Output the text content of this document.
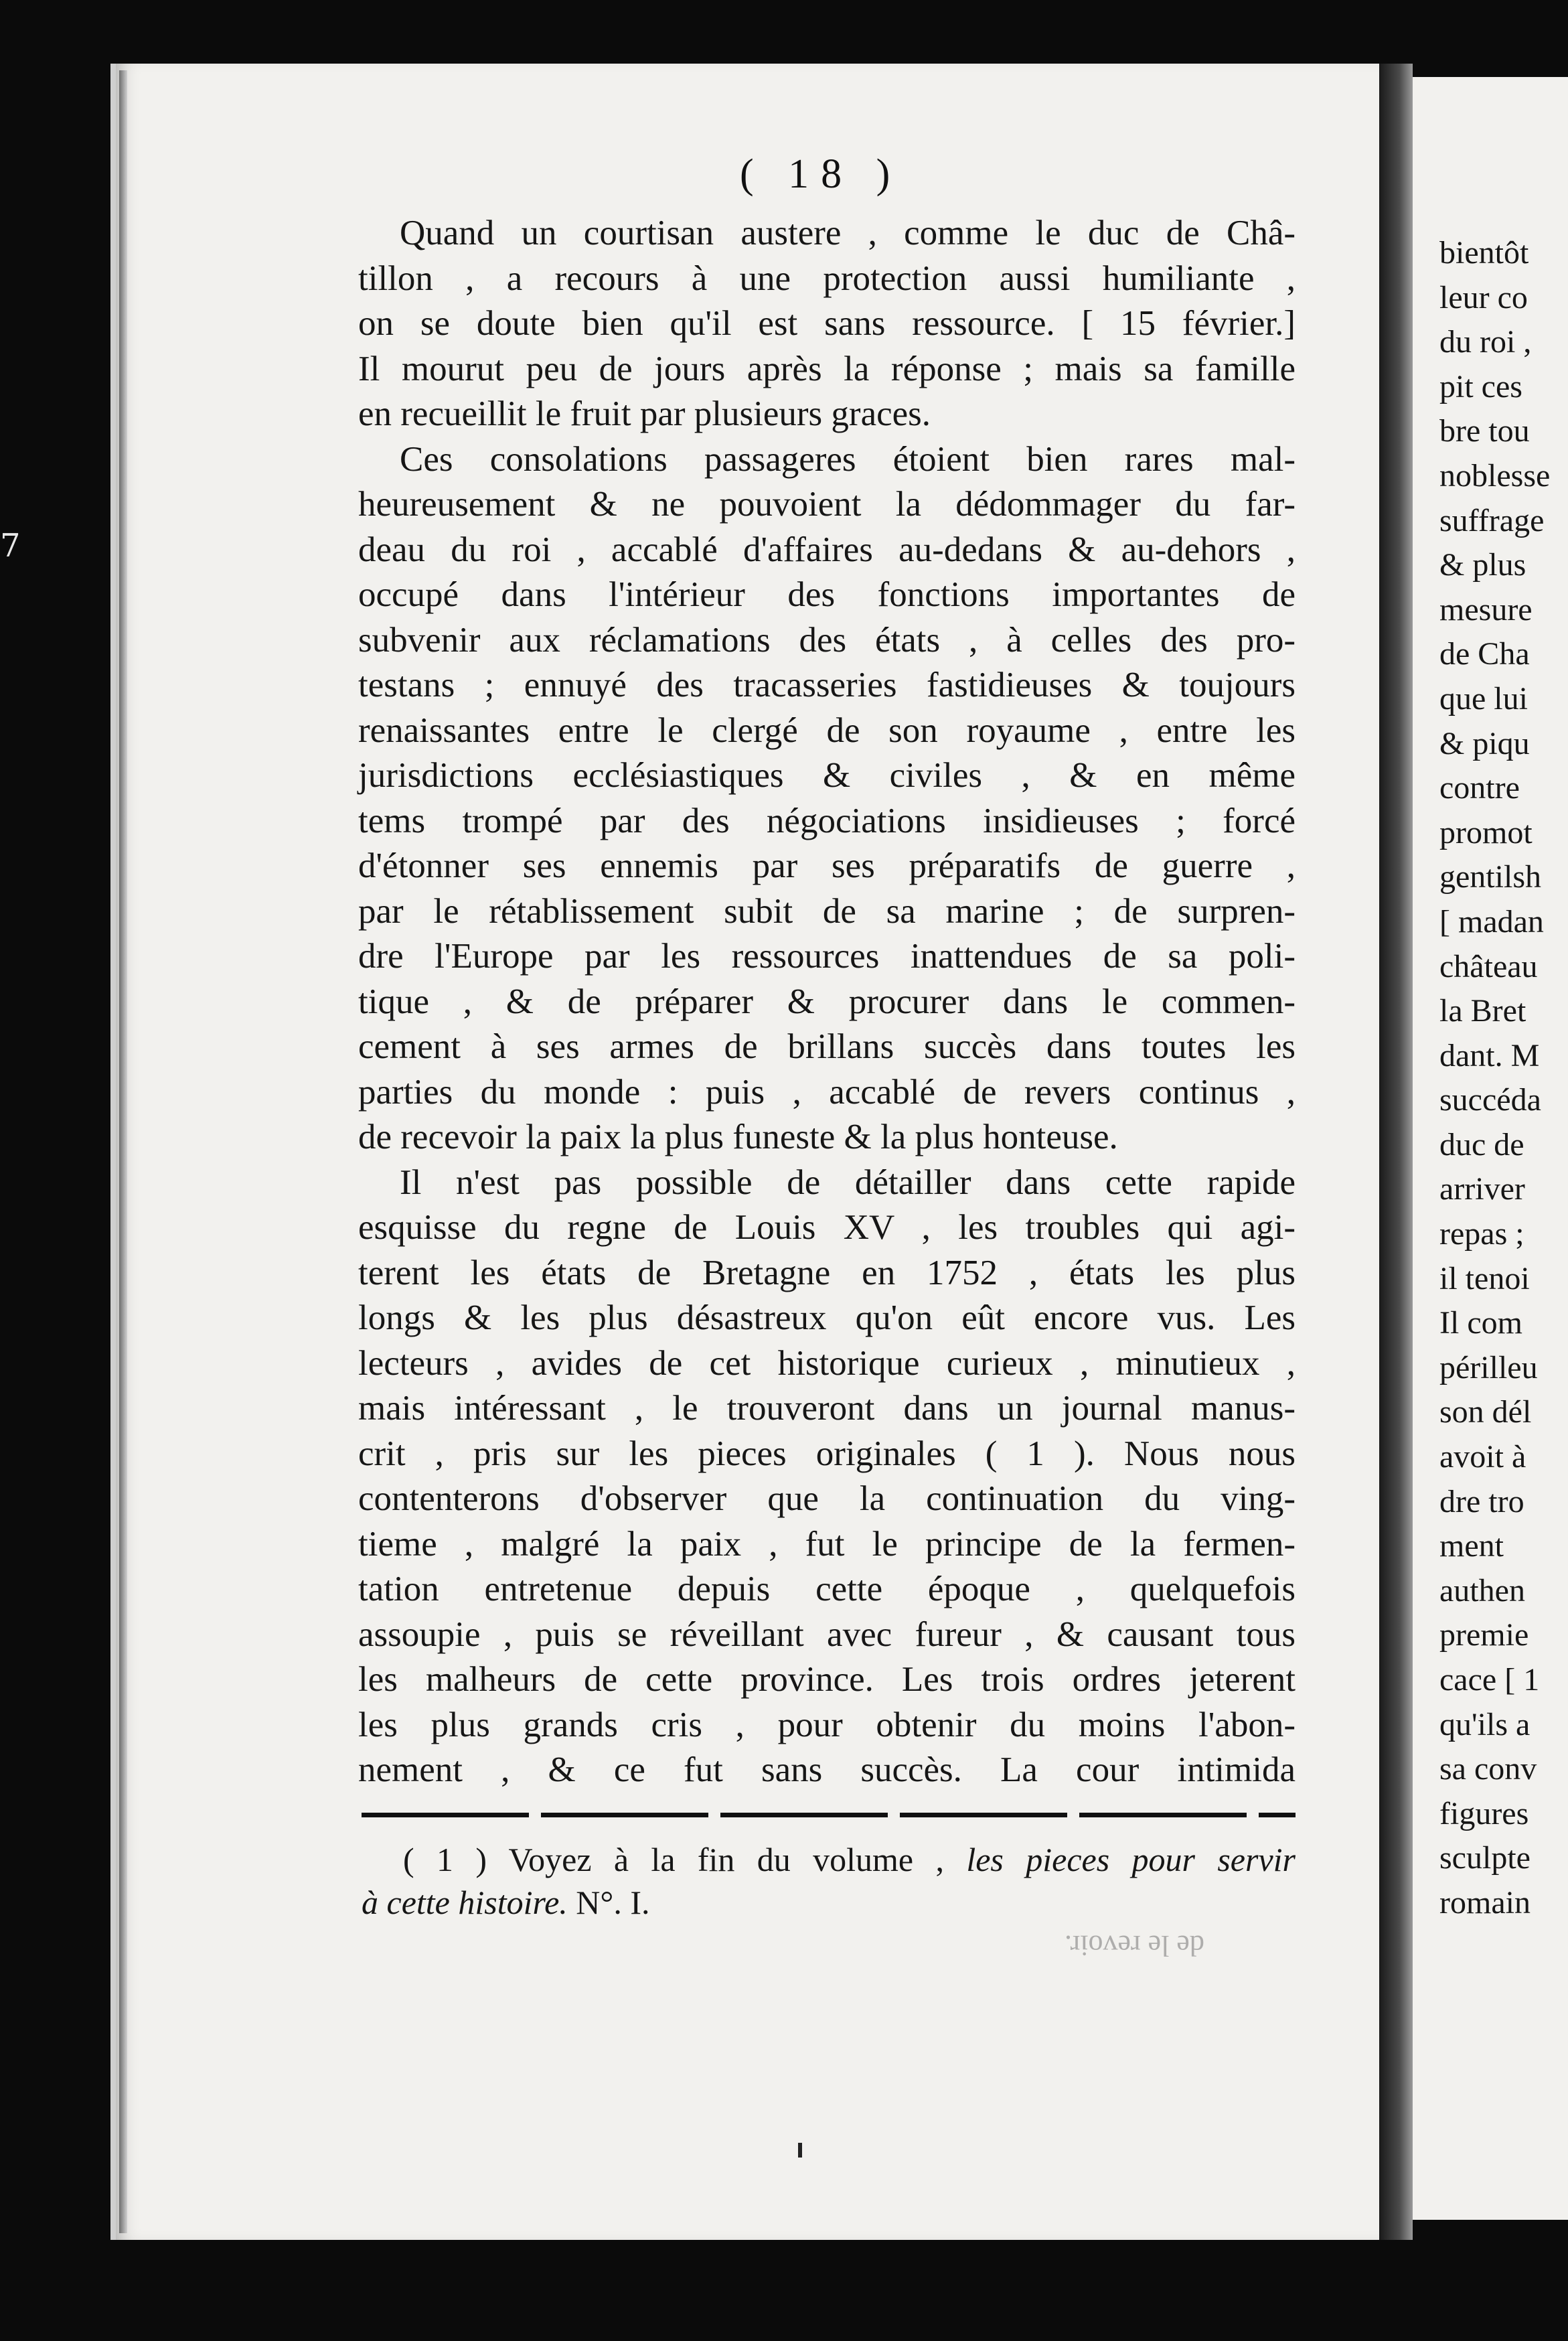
7
( 18 )
Quand un courtisan austere , comme le duc de Châ-
tillon , a recours à une protection aussi humiliante ,
on se doute bien qu'il est sans ressource. [ 15 février.]
Il mourut peu de jours après la réponse ; mais sa famille
en recueillit le fruit par plusieurs graces.
Ces consolations passageres étoient bien rares mal-
heureusement & ne pouvoient la dédommager du far-
deau du roi , accablé d'affaires au-dedans & au-dehors ,
occupé dans l'intérieur des fonctions importantes de
subvenir aux réclamations des états , à celles des pro-
testans ; ennuyé des tracasseries fastidieuses & toujours
renaissantes entre le clergé de son royaume , entre les
jurisdictions ecclésiastiques & civiles , & en même
tems trompé par des négociations insidieuses ; forcé
d'étonner ses ennemis par ses préparatifs de guerre ,
par le rétablissement subit de sa marine ; de surpren-
dre l'Europe par les ressources inattendues de sa poli-
tique , & de préparer & procurer dans le commen-
cement à ses armes de brillans succès dans toutes les
parties du monde : puis , accablé de revers continus ,
de recevoir la paix la plus funeste & la plus honteuse.
Il n'est pas possible de détailler dans cette rapide
esquisse du regne de Louis XV , les troubles qui agi-
terent les états de Bretagne en 1752 , états les plus
longs & les plus désastreux qu'on eût encore vus. Les
lecteurs , avides de cet historique curieux , minutieux ,
mais intéressant , le trouveront dans un journal manus-
crit , pris sur les pieces originales ( 1 ). Nous nous
contenterons d'observer que la continuation du ving-
tieme , malgré la paix , fut le principe de la fermen-
tation entretenue depuis cette époque , quelquefois
assoupie , puis se réveillant avec fureur , & causant tous
les malheurs de cette province. Les trois ordres jeterent
les plus grands cris , pour obtenir du moins l'abon-
nement , & ce fut sans succès. La cour intimida
( 1 ) Voyez à la fin du volume , les pieces pour servir
à cette histoire. N°. I.
de le revoir.
bientôt
leur co
du roi ,
pit ces
bre tou
noblesse
suffrage
& plus
mesure
de Cha
que lui
& piqu
contre
promot
gentilsh
[ madan
château
la Bret
dant. M
succéda
duc de
arriver
repas ;
il tenoi
Il com
périlleu
son dél
avoit à
dre tro
ment
authen
premie
cace [ 1
qu'ils a
sa conv
figures
sculpte
romain
